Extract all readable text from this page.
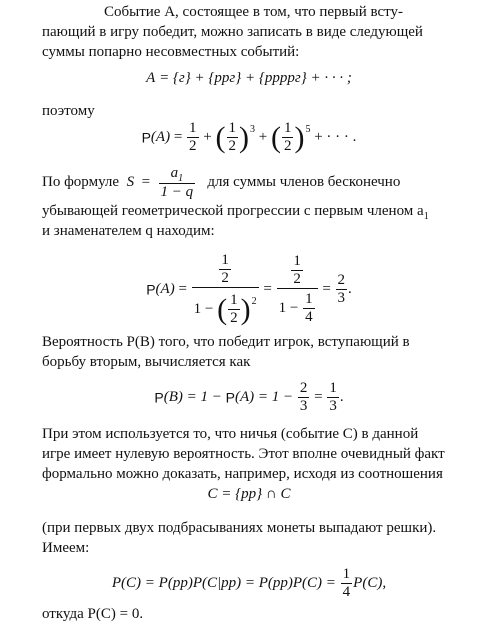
Событие A, состоящее в том, что первый всту-
пающий в игру победит, можно записать в виде следующей
суммы попарно несовместных событий:
A = {г} + {ррг} + {ррррг} + · · · ;
поэтому
$P(A) = \frac{1}{2}$ + ( $\frac{1}{2}$ ) 3 + ( $\frac{1}{2}$ ) 5 + · · · .
По формуле $S = \frac{a_1}{1 - q}$ для суммы членов бесконечно
убывающей геометрической прогрессии с первым членом $a_1$
и знаменателем q находим:
$P(A) = \frac{1}{2}$
1 − ( 1
2 ) $2 = \frac{\frac{1}{2}}{1 - \frac{1}{4}} = \frac{2}{3}$ .
Вероятность P(B) того, что победит игрок, вступающий в
борьбу вторым, вычисляется как
$P(B) = 1 - P(A) = 1 - \frac{2}{3} = \frac{1}{3}$ .
При этом используется то, что ничья (событие C) в данной
игре имеет нулевую вероятность. Этот вполне очевидный факт
формально можно доказать, например, исходя из соотношения
C = {рр} ∩ C
(при первых двух подбрасываниях монеты выпадают решки).
Имеем:
$P(C) = P(рр)P(C|рр) = P(рр)P(C) = \frac{1}{4} P(C)$,
откуда P(C) = 0.
